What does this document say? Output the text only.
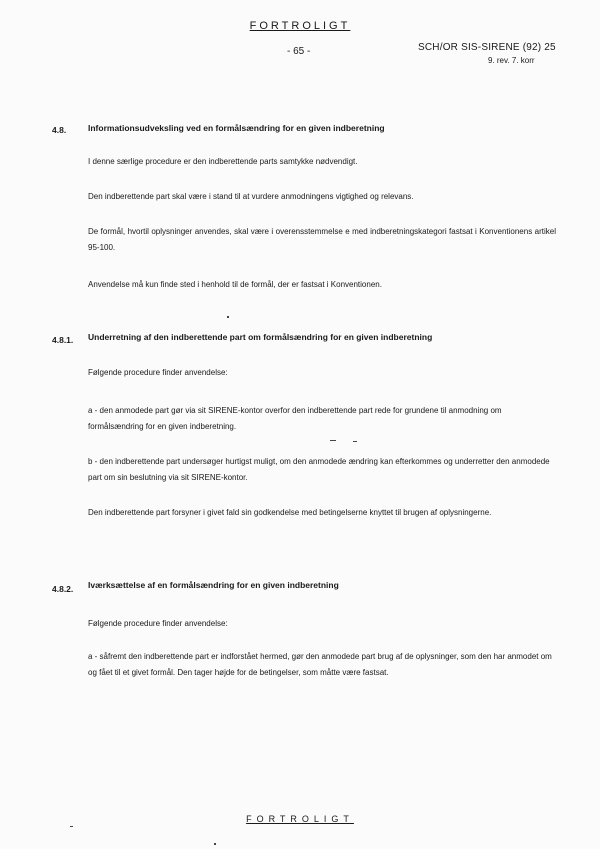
FORTROLIGT
- 65 -	SCH/OR SIS-SIRENE (92) 25
9. rev. 7. korr
4.8.	Informationsudveksling ved en formålsændring for en given indberetning
I denne særlige procedure er den indberettende parts samtykke nødvendigt.
Den indberettende part skal være i stand til at vurdere anmodningens vigtighed og relevans.
De formål, hvortil oplysninger anvendes, skal være i overensstemmelse e med indberetningskategori fastsat i Konventionens artikel 95-100.
Anvendelse må kun finde sted i henhold til de formål, der er fastsat i Konventionen.
4.8.1. Underretning af den indberettende part om formålsændring for en given indberetning
Følgende procedure finder anvendelse:
a - den anmodede part gør via sit SIRENE-kontor overfor den indberettende part rede for grundene til anmodning om formålsændring for en given indberetning.
b - den indberettende part undersøger hurtigst muligt, om den anmodede ændring kan efterkommes og underretter den anmodede part om sin beslutning via sit SIRENE-kontor.
Den indberettende part forsyner i givet fald sin godkendelse med betingelserne knyttet til brugen af oplysningerne.
4.8.2. Iværksættelse af en formålsændring for en given indberetning
Følgende procedure finder anvendelse:
a - såfremt den indberettende part er indforstået hermed, gør den anmodede part brug af de oplysninger, som den har anmodet om og fået til et givet formål. Den tager højde for de betingelser, som måtte være fastsat.
FORTROLIGT
